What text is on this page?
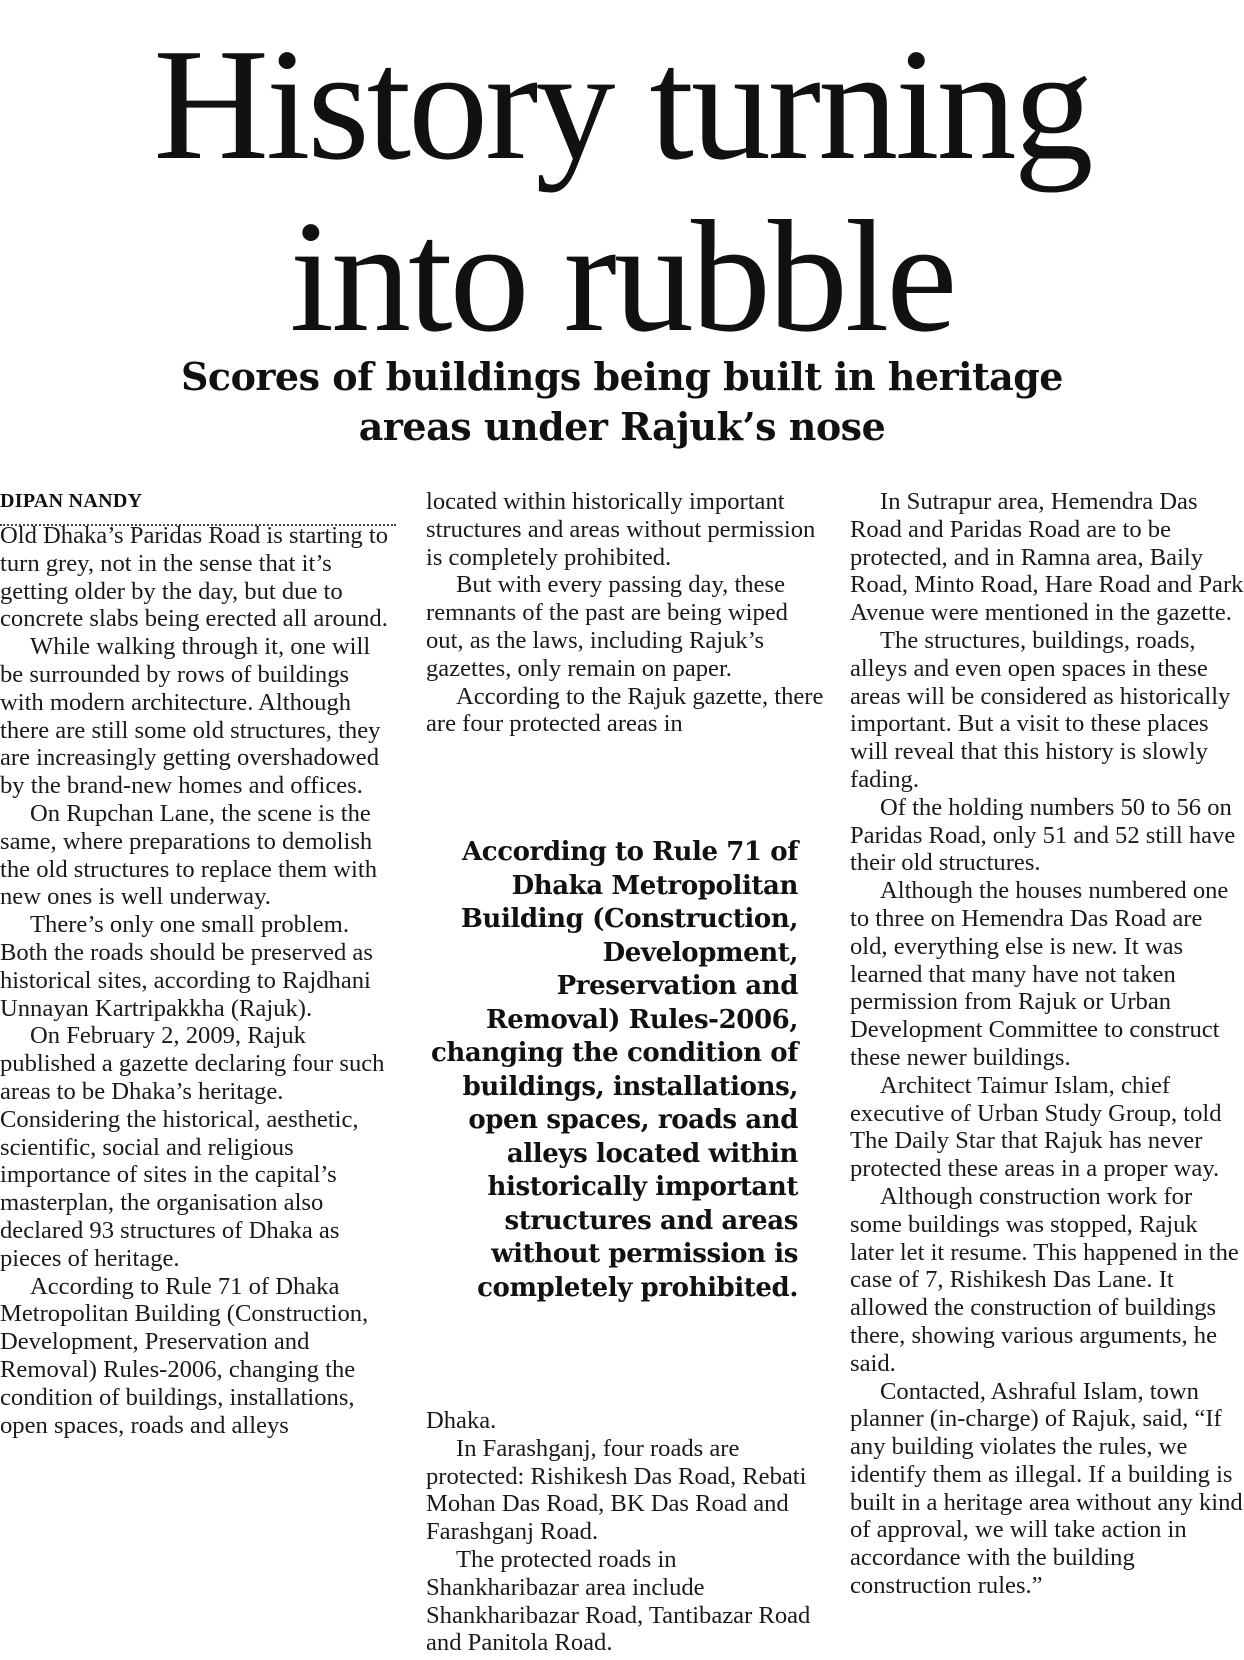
History turning
into rubble
Scores of buildings being built in heritage
areas under Rajuk’s nose
DIPAN NANDY

Old Dhaka’s Paridas Road is starting to turn grey, not in the sense that it’s getting older by the day, but due to concrete slabs being erected all around.

While walking through it, one will be surrounded by rows of buildings with modern architecture. Although there are still some old structures, they are increasingly getting overshadowed by the brand-new homes and offices.

On Rupchan Lane, the scene is the same, where preparations to demolish the old structures to replace them with new ones is well underway.

There’s only one small problem. Both the roads should be preserved as historical sites, according to Rajdhani Unnayan Kartripakkha (Rajuk).

On February 2, 2009, Rajuk published a gazette declaring four such areas to be Dhaka’s heritage. Considering the historical, aesthetic, scientific, social and religious importance of sites in the capital’s masterplan, the organisation also declared 93 structures of Dhaka as pieces of heritage.

According to Rule 71 of Dhaka Metropolitan Building (Construction, Development, Preservation and Removal) Rules-2006, changing the condition of buildings, installations, open spaces, roads and alleys

located within historically important structures and areas without permission is completely prohibited.

But with every passing day, these remnants of the past are being wiped out, as the laws, including Rajuk’s gazettes, only remain on paper.

According to the Rajuk gazette, there are four protected areas in

According to Rule 71 of Dhaka Metropolitan Building (Construction, Development, Preservation and Removal) Rules-2006, changing the condition of buildings, installations, open spaces, roads and alleys located within historically important structures and areas without permission is completely prohibited.

Dhaka.

In Farashganj, four roads are protected: Rishikesh Das Road, Rebati Mohan Das Road, BK Das Road and Farashganj Road.

The protected roads in Shankharibazar area include Shankharibazar Road, Tantibazar Road and Panitola Road.

In Sutrapur area, Hemendra Das Road and Paridas Road are to be protected, and in Ramna area, Baily Road, Minto Road, Hare Road and Park Avenue were mentioned in the gazette.

The structures, buildings, roads, alleys and even open spaces in these areas will be considered as historically important. But a visit to these places will reveal that this history is slowly fading.

Of the holding numbers 50 to 56 on Paridas Road, only 51 and 52 still have their old structures.

Although the houses numbered one to three on Hemendra Das Road are old, everything else is new. It was learned that many have not taken permission from Rajuk or Urban Development Committee to construct these newer buildings.

Architect Taimur Islam, chief executive of Urban Study Group, told The Daily Star that Rajuk has never protected these areas in a proper way.

Although construction work for some buildings was stopped, Rajuk later let it resume. This happened in the case of 7, Rishikesh Das Lane. It allowed the construction of buildings there, showing various arguments, he said.

Contacted, Ashraful Islam, town planner (in-charge) of Rajuk, said, “If any building violates the rules, we identify them as illegal. If a building is built in a heritage area without any kind of approval, we will take action in accordance with the building construction rules.”
